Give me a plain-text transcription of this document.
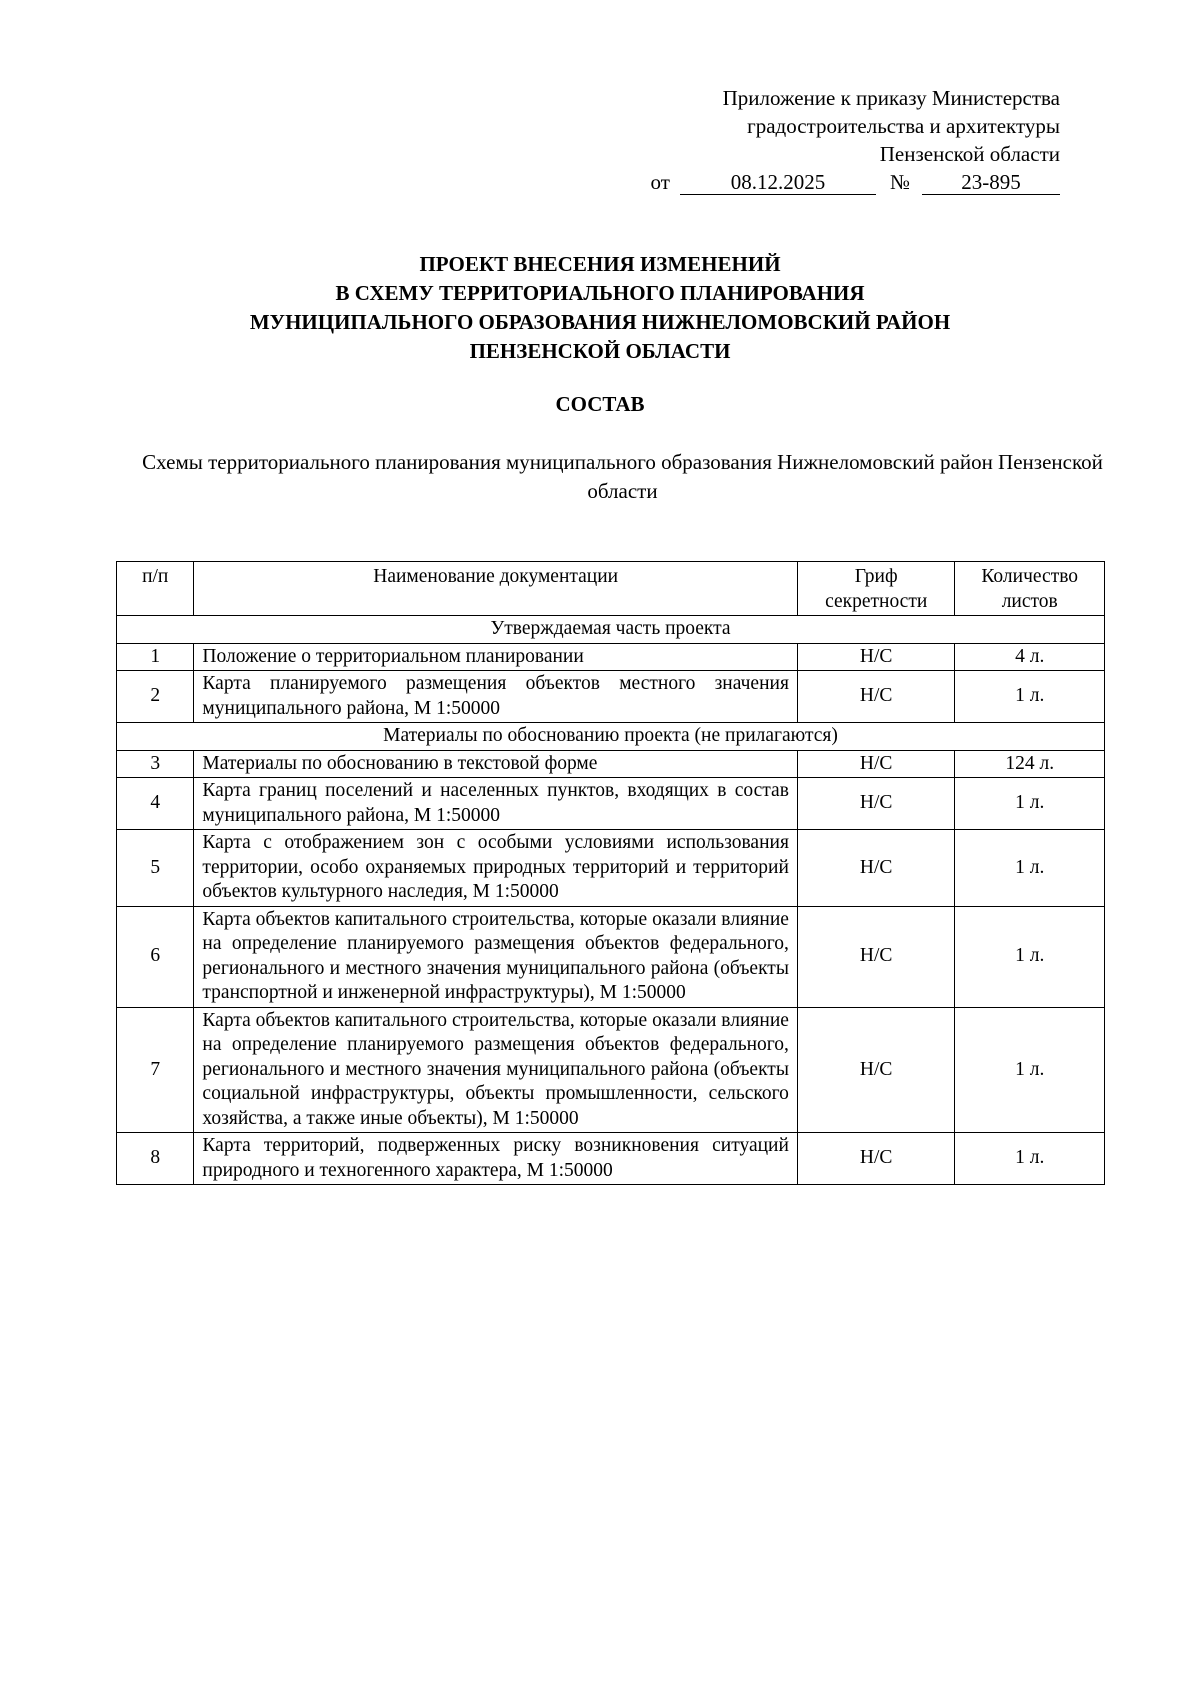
Приложение к приказу Министерства
градостроительства и архитектуры
Пензенской области
от	08.12.2025	№ 23-895
ПРОЕКТ ВНЕСЕНИЯ ИЗМЕНЕНИЙ
В СХЕМУ ТЕРРИТОРИАЛЬНОГО ПЛАНИРОВАНИЯ
МУНИЦИПАЛЬНОГО ОБРАЗОВАНИЯ НИЖНЕЛОМОВСКИЙ РАЙОН
ПЕНЗЕНСКОЙ ОБЛАСТИ
СОСТАВ
Схемы территориального планирования муниципального образования Нижнеломовский район Пензенской области
п/п	Наименование документации	Гриф секретности	Количество листов
Утверждаемая часть проекта			
1	Положение о территориальном планировании	Н/С	4 л.
2	Карта планируемого размещения объектов местного значения муниципального района, М 1:50000	Н/С	1 л.
Материалы по обоснованию проекта (не прилагаются)			
3	Материалы по обоснованию в текстовой форме	Н/С	124 л.
4	Карта границ поселений и населенных пунктов, входящих в состав муниципального района, М 1:50000	Н/С	1 л.
5	Карта с отображением зон с особыми условиями использования территории, особо охраняемых природных территорий и территорий объектов культурного наследия, М 1:50000	Н/С	1 л.
6	Карта объектов капитального строительства, которые оказали влияние на определение планируемого размещения объектов федерального, регионального и местного значения муниципального района (объекты транспортной и инженерной инфраструктуры), М 1:50000	Н/С	1 л.
7	Карта объектов капитального строительства, которые оказали влияние на определение планируемого размещения объектов федерального, регионального и местного значения муниципального района (объекты социальной инфраструктуры, объекты промышленности, сельского хозяйства, а также иные объекты), М 1:50000	Н/С	1 л.
8	Карта территорий, подверженных риску возникновения ситуаций природного и техногенного характера, М 1:50000	Н/С	1 л.
